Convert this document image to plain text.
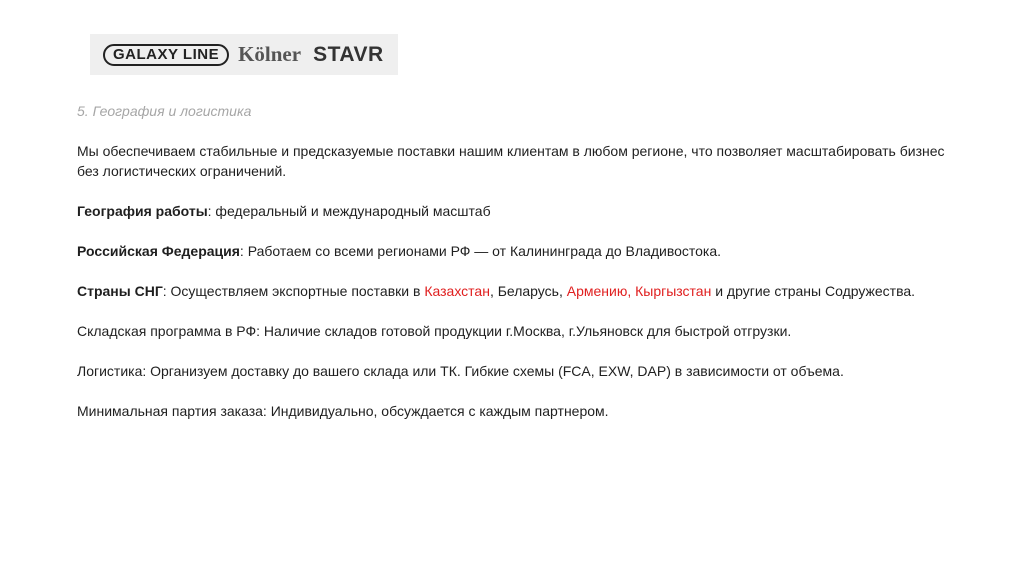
GALAXY LINE Kölner STAVR

5. География и логистика

Мы обеспечиваем стабильные и предсказуемые поставки нашим клиентам в любом регионе, что позволяет масштабировать бизнес без логистических ограничений.

География работы: федеральный и международный масштаб

Российская Федерация: Работаем со всеми регионами РФ — от Калининграда до Владивостока.

Страны СНГ: Осуществляем экспортные поставки в Казахстан, Беларусь, Армению, Кыргызстан и другие страны Содружества.

Складская программа в РФ: Наличие складов готовой продукции г.Москва, г.Ульяновск для быстрой отгрузки.

Логистика: Организуем доставку до вашего склада или ТК. Гибкие схемы (FCA, EXW, DAP) в зависимости от объема.

Минимальная партия заказа: Индивидуально, обсуждается с каждым партнером.
